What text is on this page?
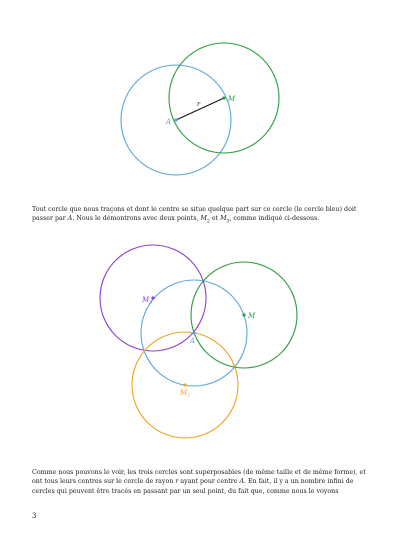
M
A
r
Tout cercle que nous traçons et dont le centre se situe quelque part sur ce cercle (le cercle bleu) doit passer par A. Nous le démontrons avec deux points, $M_2$ et $M_3$, comme indiqué ci-dessous.
$M_3$
M
A
$M_2$
Comme nous pouvons le voir, les trois cercles sont superposables (de même taille et de même forme), et ont tous leurs centres sur le cercle de rayon r ayant pour centre A. En fait, il y a un nombre infini de cercles qui peuvent être tracés en passant par un seul point, du fait que, comme nous le voyons
3
